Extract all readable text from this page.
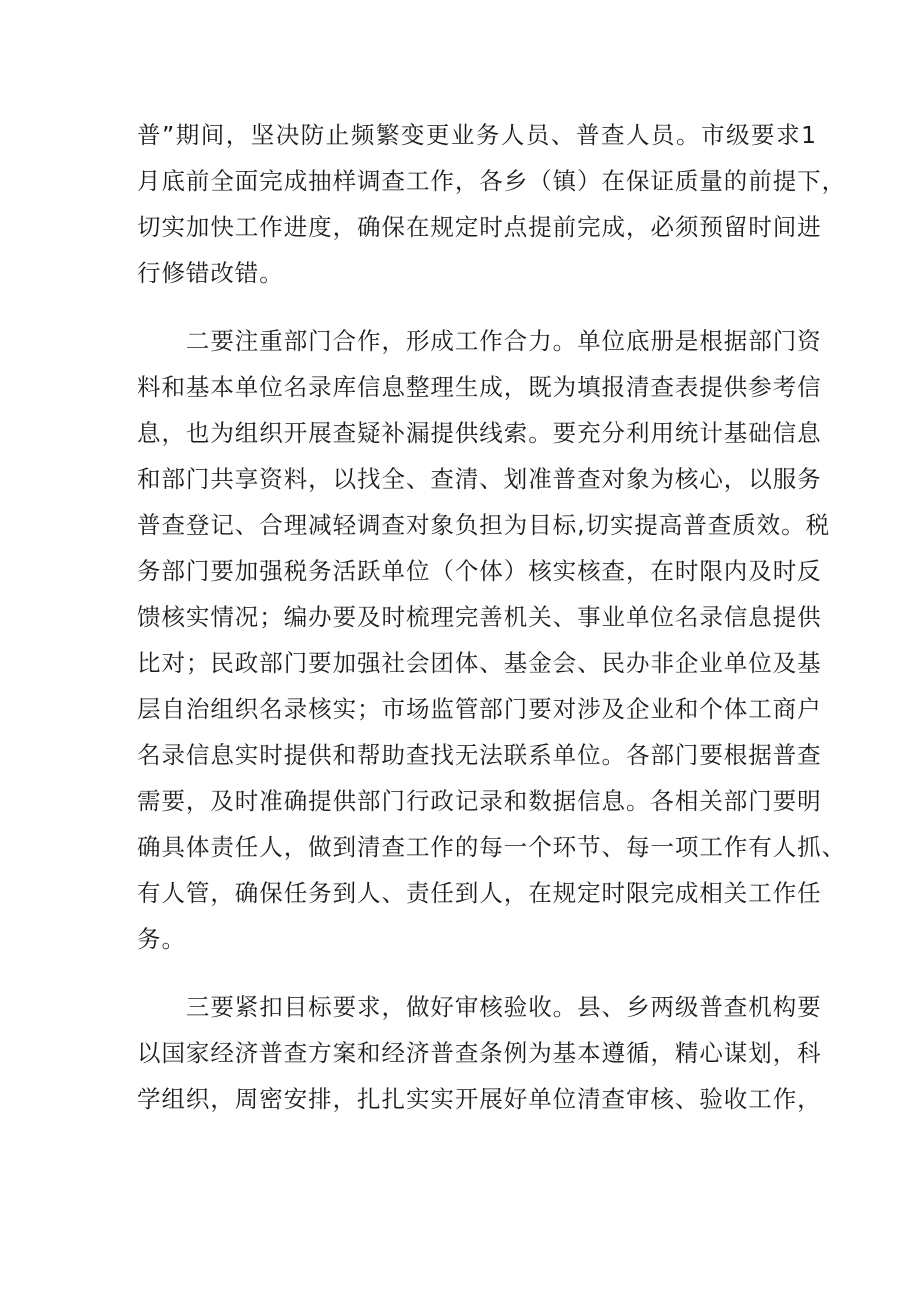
普”期间，坚决防止频繁变更业务人员、普查人员。市级要求1
月底前全面完成抽样调查工作，各乡（镇）在保证质量的前提下，
切实加快工作进度，确保在规定时点提前完成，必须预留时间进
行修错改错。
　　二要注重部门合作，形成工作合力。单位底册是根据部门资
料和基本单位名录库信息整理生成，既为填报清查表提供参考信
息，也为组织开展查疑补漏提供线索。要充分利用统计基础信息
和部门共享资料，以找全、查清、划准普查对象为核心，以服务
普查登记、合理减轻调查对象负担为目标,切实提高普查质效。税
务部门要加强税务活跃单位（个体）核实核查，在时限内及时反
馈核实情况；编办要及时梳理完善机关、事业单位名录信息提供
比对；民政部门要加强社会团体、基金会、民办非企业单位及基
层自治组织名录核实；市场监管部门要对涉及企业和个体工商户
名录信息实时提供和帮助查找无法联系单位。各部门要根据普查
需要，及时准确提供部门行政记录和数据信息。各相关部门要明
确具体责任人，做到清查工作的每一个环节、每一项工作有人抓、
有人管，确保任务到人、责任到人，在规定时限完成相关工作任
务。
　　三要紧扣目标要求，做好审核验收。县、乡两级普查机构要
以国家经济普查方案和经济普查条例为基本遵循，精心谋划，科
学组织，周密安排，扎扎实实开展好单位清查审核、验收工作，
